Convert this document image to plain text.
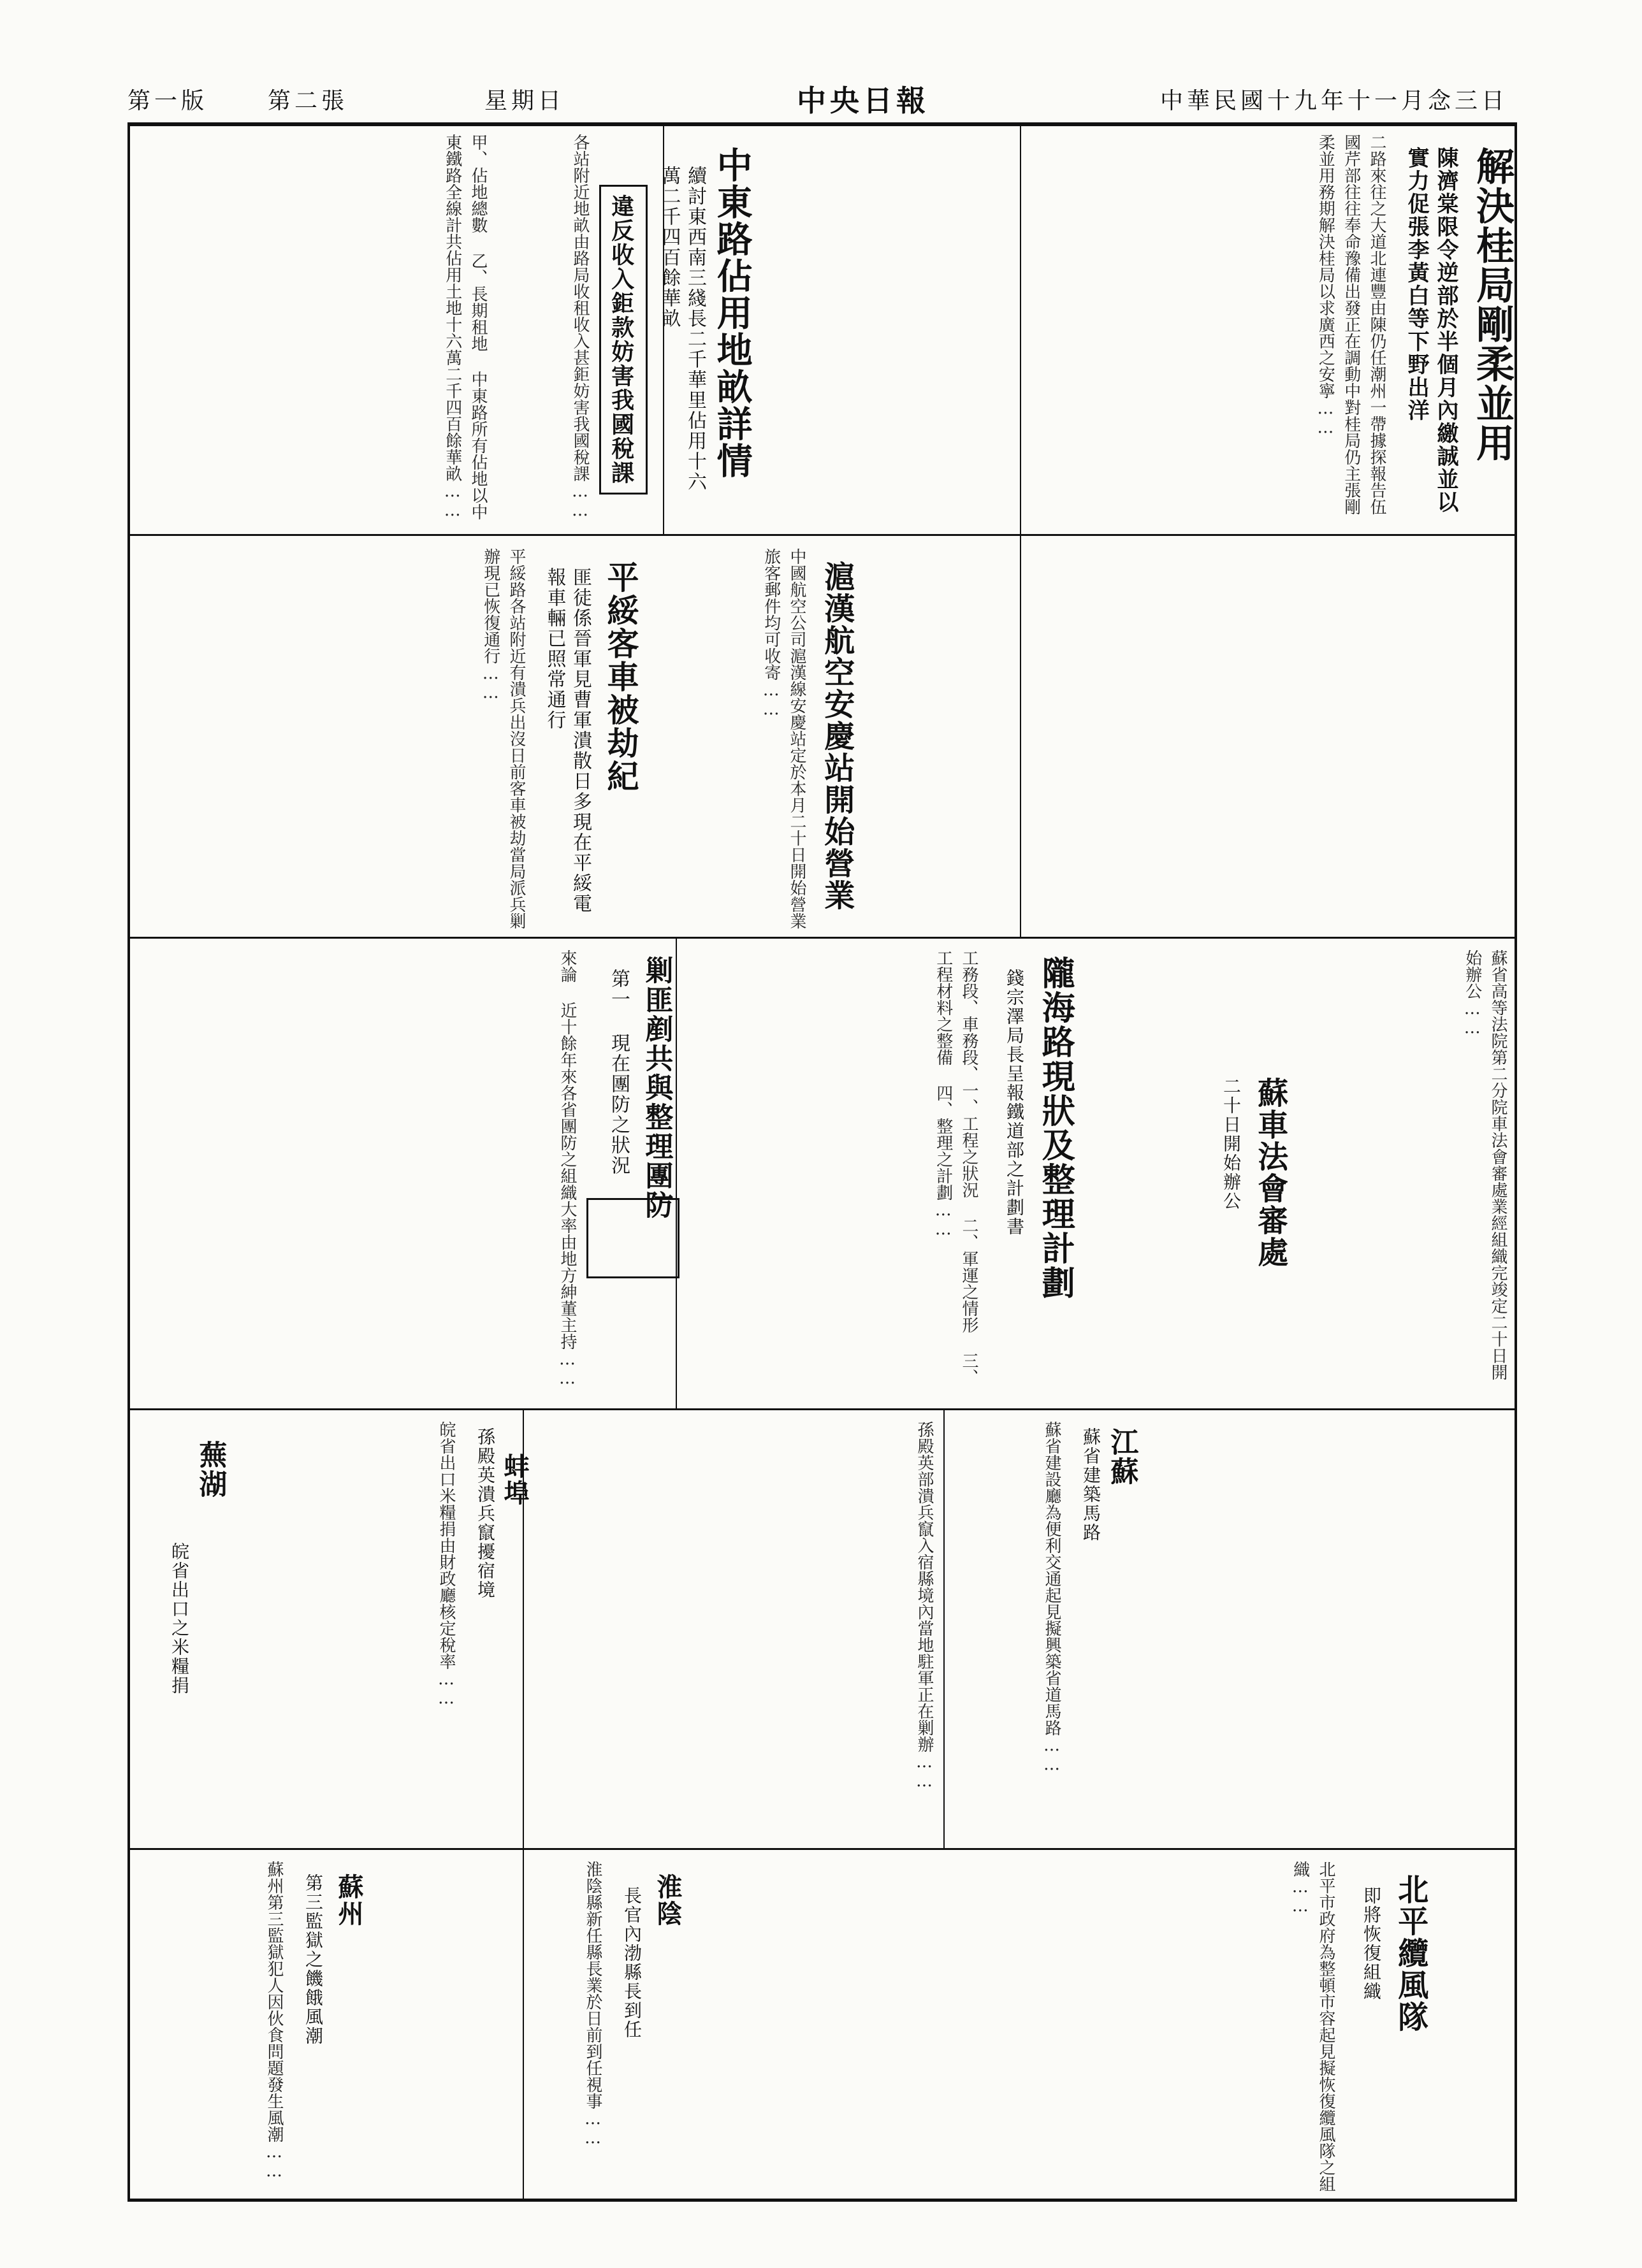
第一版	第二張	星期日	中央日報	中華民國十九年十一月念三日
解決桂局剛柔並用
陳濟棠限令逆部於半個月內繳誠並以實力促張李黃白等下野出洋
二路來往之大道北連豐由陳仍任潮州一帶據探報告伍國芹部往往奉命豫備出發正在調動中對桂局仍主張剛柔並用務期解決桂局以求廣西之安寧……
中東路佔用地畝詳情
續討東西南三綫長二千華里佔用十六萬二千四百餘華畝
甲、佔地總數 乙、長期租地 中東路所有佔地以中東鐵路全線計共佔用土地十六萬二千四百餘華畝……	違反收入鉅款妨害我國稅課
各站附近地畝由路局收租收入甚鉅妨害我國稅課……
滬漢航空安慶站開始營業
中國航空公司滬漢線安慶站定於本月二十日開始營業旅客郵件均可收寄……
平綏客車被劫紀
匪徒係晉軍見曹軍潰散日多現在平綏電報車輛已照常通行
平綏路各站附近有潰兵出沒日前客車被劫當局派兵剿辦現已恢復通行……
隴海路現狀及整理計劃
錢宗澤局長呈報鐵道部之計劃書
工務段、車務段、一、工程之狀況 二、軍運之情形 三、工程材料之整備 四、整理之計劃……	蘇車法會審處
二十日開始辦公	蘇省高等法院第二分院車法會審處業經組織完竣定二十日開始辦公……
剿匪剷共與整理團防
第一 現在團防之狀況
來論 近十餘年來各省團防之組織大率由地方紳董主持……
北平纜風隊
即將恢復組織
北平市政府為整頓市容起見擬恢復纜風隊之組織……
江蘇
蘇省建築馬路
蘇省建設廳為便利交通起見擬興築省道馬路……
蚌埠
孫殿英潰兵竄擾宿境	孫殿英部潰兵竄入宿縣境內當地駐軍正在剿辦……
蕪湖
皖省出口之米糧捐	皖省出口米糧捐由財政廳核定稅率……
淮陰
長官內渤縣長到任
淮陰縣新任縣長業於日前到任視事……
蘇州
第三監獄之饑餓風潮
蘇州第三監獄犯人因伙食問題發生風潮……
